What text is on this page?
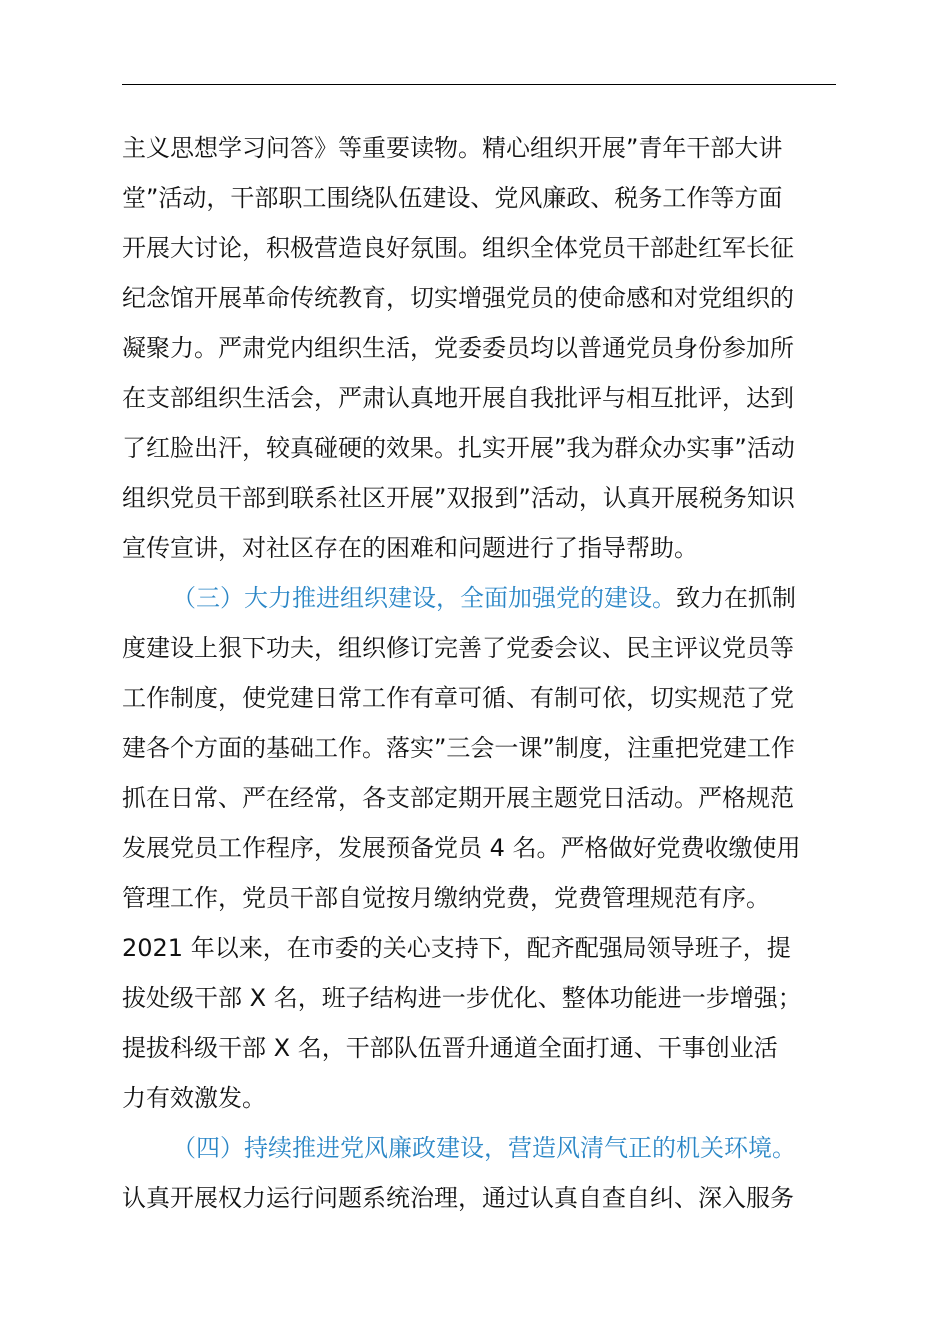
主义思想学习问答》等重要读物。精心组织开展”青年干部大讲
堂”活动，干部职工围绕队伍建设、党风廉政、税务工作等方面
开展大讨论，积极营造良好氛围。组织全体党员干部赴红军长征
纪念馆开展革命传统教育，切实增强党员的使命感和对党组织的
凝聚力。严肃党内组织生活，党委委员均以普通党员身份参加所
在支部组织生活会，严肃认真地开展自我批评与相互批评，达到
了红脸出汗，较真碰硬的效果。扎实开展”我为群众办实事”活动
组织党员干部到联系社区开展”双报到”活动，认真开展税务知识
宣传宣讲，对社区存在的困难和问题进行了指导帮助。
（三）大力推进组织建设，全面加强党的建设。致力在抓制
度建设上狠下功夫，组织修订完善了党委会议、民主评议党员等
工作制度，使党建日常工作有章可循、有制可依，切实规范了党
建各个方面的基础工作。落实”三会一课”制度，注重把党建工作
抓在日常、严在经常，各支部定期开展主题党日活动。严格规范
发展党员工作程序，发展预备党员 4 名。严格做好党费收缴使用
管理工作，党员干部自觉按月缴纳党费，党费管理规范有序。
2021 年以来，在市委的关心支持下，配齐配强局领导班子，提
拔处级干部 X 名，班子结构进一步优化、整体功能进一步增强；
提拔科级干部 X 名，干部队伍晋升通道全面打通、干事创业活
力有效激发。
（四）持续推进党风廉政建设，营造风清气正的机关环境。
认真开展权力运行问题系统治理，通过认真自查自纠、深入服务
